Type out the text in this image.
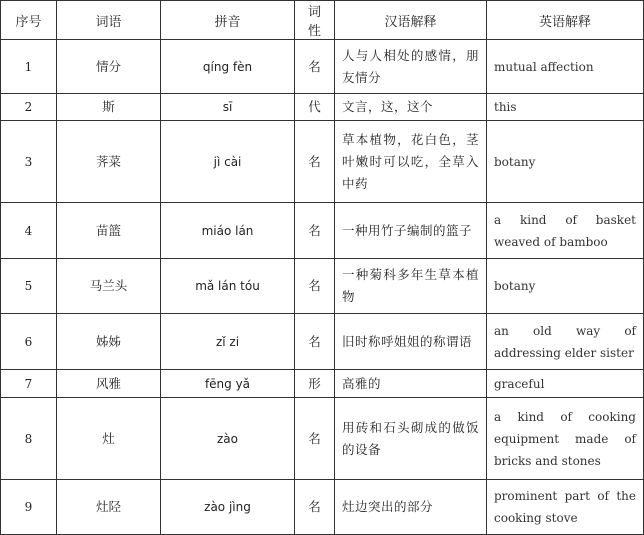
序号	词语	拼音	词性	汉语解释	英语解释
1	情分	qíng fèn	名	人与人相处的感情，朋友情分	mutual affection
2	斯	sī	代	文言，这，这个	this
3	荠菜	jì cài	名	草本植物，花白色，茎叶嫩时可以吃，全草入中药	botany
4	苗篮	miáo lán	名	一种用竹子编制的篮子	a kind of basket weaved of bamboo
5	马兰头	mǎ lán tóu	名	一种菊科多年生草本植物	botany
6	姊姊	zǐ zi	名	旧时称呼姐姐的称谓语	an old way of addressing elder sister
7	风雅	fēng yǎ	形	高雅的	graceful
8	灶	zào	名	用砖和石头砌成的做饭的设备	a kind of cooking equipment made of bricks and stones
9	灶陉	zào jìng	名	灶边突出的部分	prominent part of the cooking stove
